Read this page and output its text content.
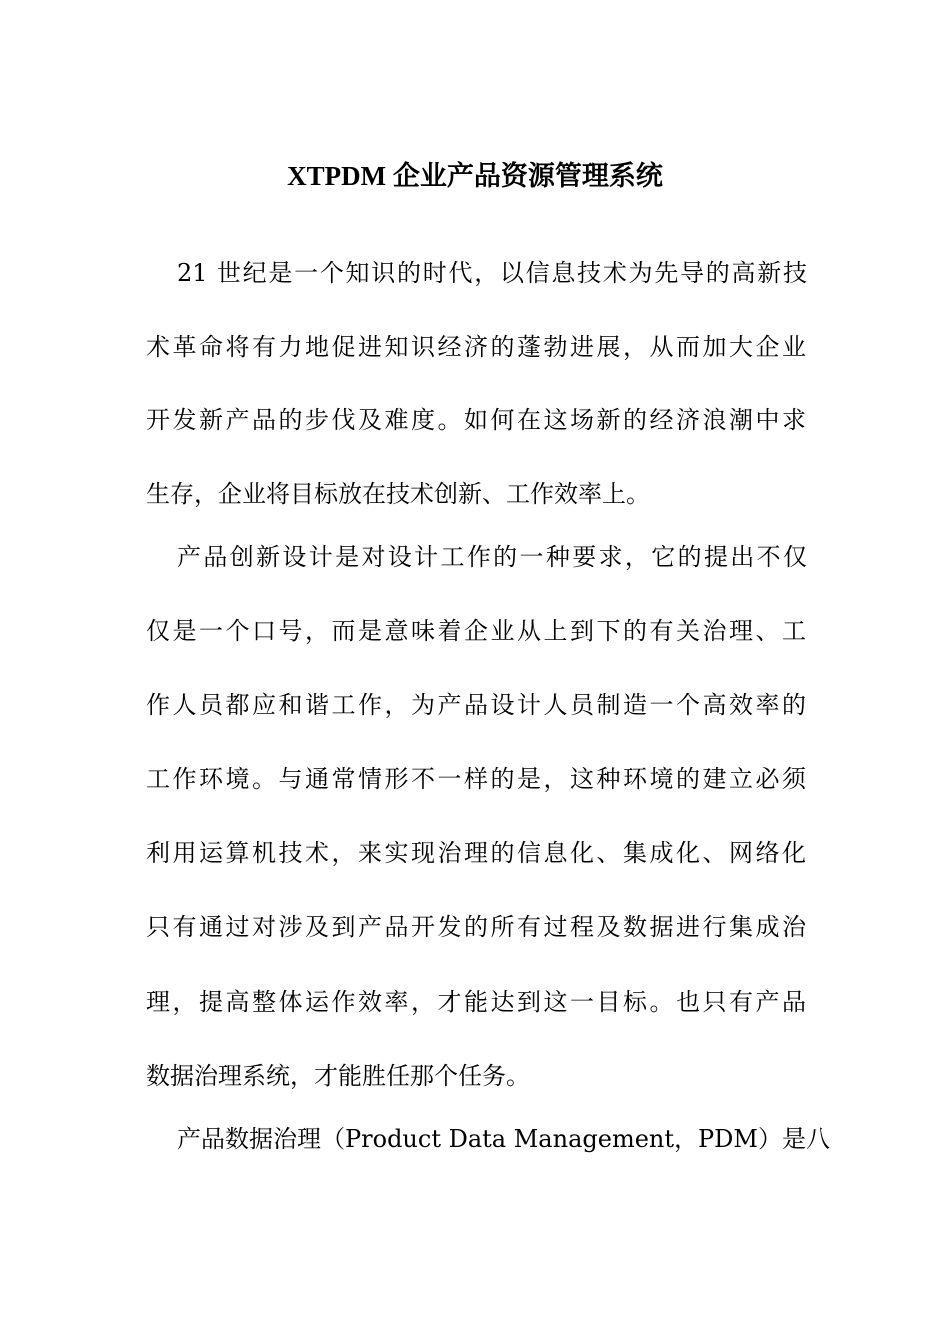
XTPDM 企业产品资源管理系统
21 世纪是一个知识的时代，以信息技术为先导的高新技
术革命将有力地促进知识经济的蓬勃进展，从而加大企业
开发新产品的步伐及难度。如何在这场新的经济浪潮中求
生存，企业将目标放在技术创新、工作效率上。
产品创新设计是对设计工作的一种要求，它的提出不仅
仅是一个口号，而是意味着企业从上到下的有关治理、工
作人员都应和谐工作，为产品设计人员制造一个高效率的
工作环境。与通常情形不一样的是，这种环境的建立必须
利用运算机技术，来实现治理的信息化、集成化、网络化
只有通过对涉及到产品开发的所有过程及数据进行集成治
理，提高整体运作效率，才能达到这一目标。也只有产品
数据治理系统，才能胜任那个任务。
产品数据治理（Product Data Management，PDM）是八
